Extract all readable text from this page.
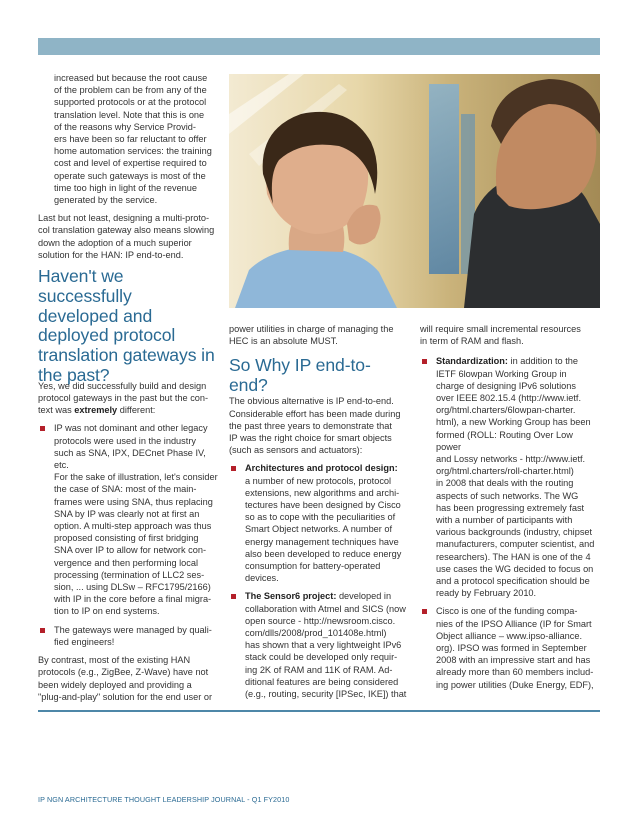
increased but because the root cause

of the problem can be from any of the

supported protocols or at the protocol

translation level. Note that this is one

of the reasons why Service Provid-

ers have been so far reluctant to offer

home automation services: the training

cost and level of expertise required to

operate such gateways is most of the

time too high in light of the revenue

generated by the service.

Last but not least, designing a multi-proto-

col translation gateway also means slowing

down the adoption of a much superior

solution for the HAN: IP end-to-end.

Haven't we successfully
developed and
deployed protocol
translation gateways in
the past?

Yes, we did successfully build and design

protocol gateways in the past but the con-

text was extremely different:

IP was not dominant and other legacy

protocols were used in the industry

such as SNA, IPX, DECnet Phase IV, etc.

For the sake of illustration, let's consider

the case of SNA: most of the main-

frames were using SNA, thus replacing

SNA by IP was clearly not at first an

option. A multi-step approach was thus

proposed consisting of first bridging

SNA over IP to allow for network con-

vergence and then performing local

processing (termination of LLC2 ses-

sion, ... using DLSw – RFC1795/2166)

with IP in the core before a final migra-

tion to IP on end systems.

The gateways were managed by quali-

fied engineers!

By contrast, most of the existing HAN

protocols (e.g., ZigBee, Z-Wave) have not

been widely deployed and providing a

"plug-and-play" solution for the end user or

power utilities in charge of managing the

HEC is an absolute MUST.

So Why IP end-to-end?

The obvious alternative is IP end-to-end.

Considerable effort has been made during

the past three years to demonstrate that

IP was the right choice for smart objects

(such as sensors and actuators):

Architectures and protocol design:

a number of new protocols, protocol

extensions, new algorithms and archi-

tectures have been designed by Cisco

so as to cope with the peculiarities of

Smart Object networks. A number of

energy management techniques have

also been developed to reduce energy

consumption for battery-operated

devices.

The Sensor6 project: developed in

collaboration with Atmel and SICS (now

open source - http://newsroom.cisco.

com/dlls/2008/prod_101408e.html)

has shown that a very lightweight IPv6

stack could be developed only requir-

ing 2K of RAM and 11K of RAM. Ad-

ditional features are being considered

(e.g., routing, security [IPSec, IKE]) that

will require small incremental resources

in term of RAM and flash.

Standardization: in addition to the

IETF 6lowpan Working Group in

charge of designing IPv6 solutions

over IEEE 802.15.4 (http://www.ietf.

org/html.charters/6lowpan-charter.

html), a new Working Group has been

formed (ROLL: Routing Over Low power

and Lossy networks - http://www.ietf.

org/html.charters/roll-charter.html)

in 2008 that deals with the routing

aspects of such networks. The WG

has been progressing extremely fast

with a number of participants with

various backgrounds (industry, chipset

manufacturers, computer scientist, and

researchers). The HAN is one of the 4

use cases the WG decided to focus on

and a protocol specification should be

ready by February 2010.

Cisco is one of the funding compa-

nies of the IPSO Alliance (IP for Smart

Object alliance – www.ipso-alliance.

org). IPSO was formed in September

2008 with an impressive start and has

already more than 60 members includ-

ing power utilities (Duke Energy, EDF),

IP NGN ARCHITECTURE THOUGHT LEADERSHIP JOURNAL - Q1 FY2010
